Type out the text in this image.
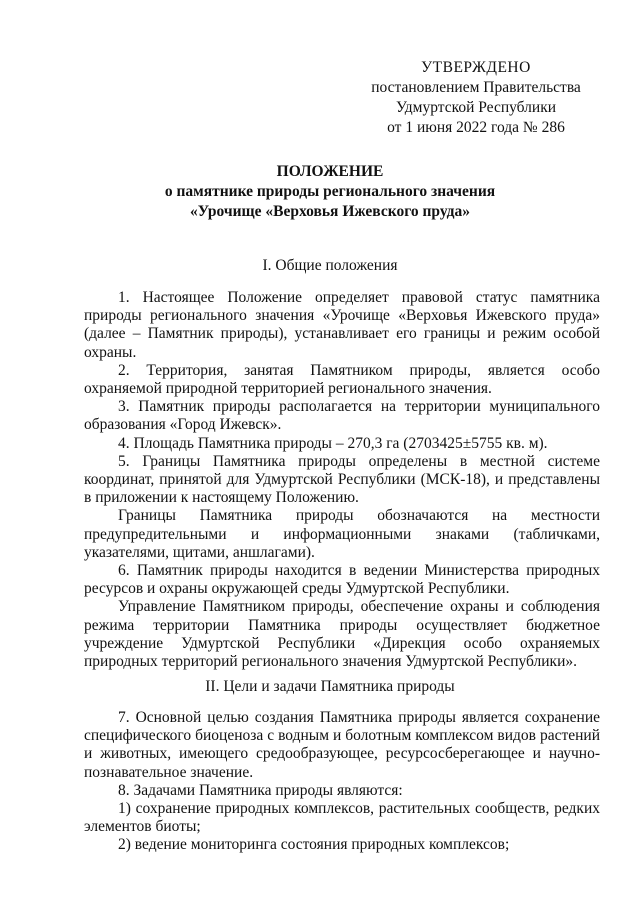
УТВЕРЖДЕНО
постановлением Правительства
Удмуртской Республики
от 1 июня 2022 года № 286
ПОЛОЖЕНИЕ
о памятнике природы регионального значения
«Урочище «Верховья Ижевского пруда»
I. Общие положения

1. Настоящее Положение определяет правовой статус памятника природы регионального значения «Урочище «Верховья Ижевского пруда» (далее – Памятник природы), устанавливает его границы и режим особой охраны.

2. Территория, занятая Памятником природы, является особо охраняемой природной территорией регионального значения.

3. Памятник природы располагается на территории муниципального образования «Город Ижевск».

4. Площадь Памятника природы – 270,3 га (2703425±5755 кв. м).

5. Границы Памятника природы определены в местной системе координат, принятой для Удмуртской Республики (МСК-18), и представлены в приложении к настоящему Положению.

Границы Памятника природы обозначаются на местности предупредительными и информационными знаками (табличками, указателями, щитами, аншлагами).

6. Памятник природы находится в ведении Министерства природных ресурсов и охраны окружающей среды Удмуртской Республики.

Управление Памятником природы, обеспечение охраны и соблюдения режима территории Памятника природы осуществляет бюджетное учреждение Удмуртской Республики «Дирекция особо охраняемых природных территорий регионального значения Удмуртской Республики».

II. Цели и задачи Памятника природы

7. Основной целью создания Памятника природы является сохранение специфического биоценоза с водным и болотным комплексом видов растений и животных, имеющего средообразующее, ресурсосберегающее и научно-познавательное значение.

8. Задачами Памятника природы являются:

1) сохранение природных комплексов, растительных сообществ, редких элементов биоты;

2) ведение мониторинга состояния природных комплексов;
